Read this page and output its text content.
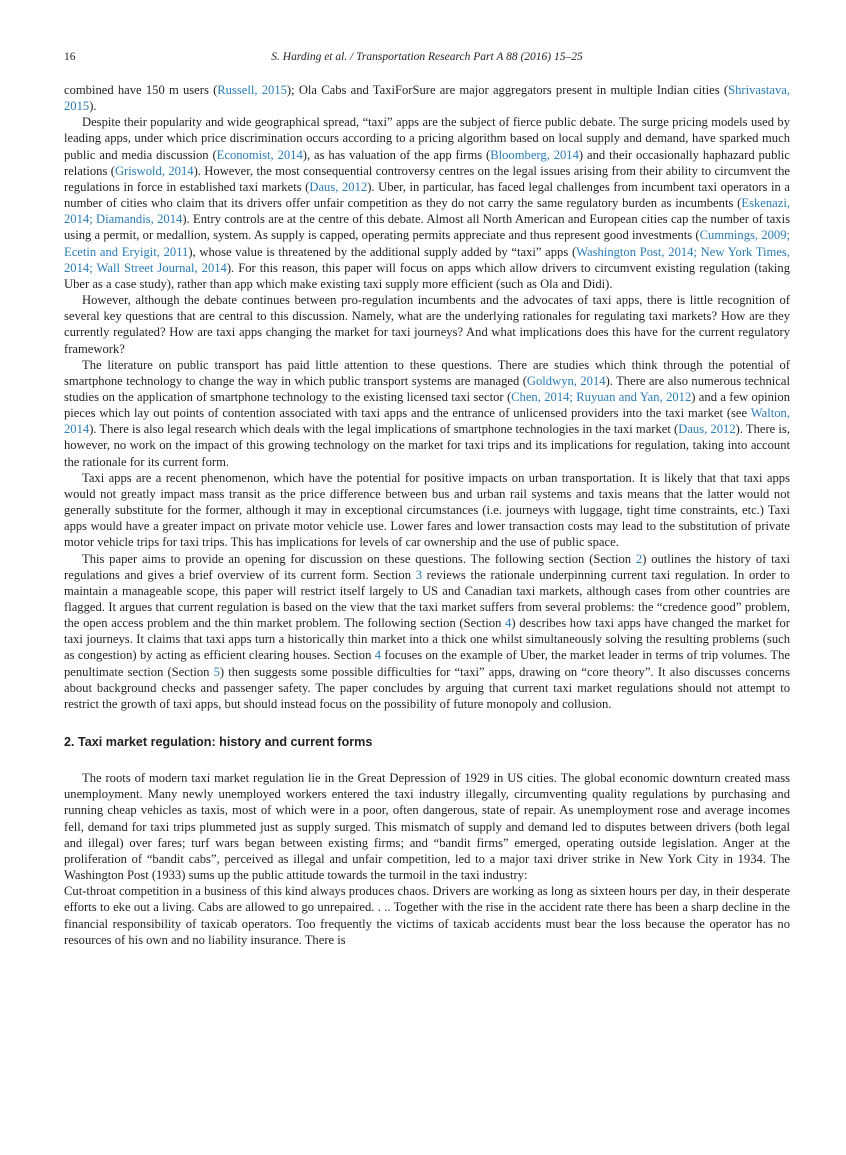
16	S. Harding et al. / Transportation Research Part A 88 (2016) 15–25

combined have 150 m users (Russell, 2015); Ola Cabs and TaxiForSure are major aggregators present in multiple Indian cities (Shrivastava, 2015).

Despite their popularity and wide geographical spread, “taxi” apps are the subject of fierce public debate. The surge pricing models used by leading apps, under which price discrimination occurs according to a pricing algorithm based on local supply and demand, have sparked much public and media discussion (Economist, 2014), as has valuation of the app firms (Bloomberg, 2014) and their occasionally haphazard public relations (Griswold, 2014). However, the most consequential controversy centres on the legal issues arising from their ability to circumvent the regulations in force in established taxi markets (Daus, 2012). Uber, in particular, has faced legal challenges from incumbent taxi operators in a number of cities who claim that its drivers offer unfair competition as they do not carry the same regulatory burden as incumbents (Eskenazi, 2014; Diamandis, 2014). Entry controls are at the centre of this debate. Almost all North American and European cities cap the number of taxis using a permit, or medallion, system. As supply is capped, operating permits appreciate and thus represent good investments (Cummings, 2009; Ecetin and Eryigit, 2011), whose value is threatened by the additional supply added by “taxi” apps (Washington Post, 2014; New York Times, 2014; Wall Street Journal, 2014). For this reason, this paper will focus on apps which allow drivers to circumvent existing regulation (taking Uber as a case study), rather than app which make existing taxi supply more efficient (such as Ola and Didi).

However, although the debate continues between pro-regulation incumbents and the advocates of taxi apps, there is little recognition of several key questions that are central to this discussion. Namely, what are the underlying rationales for regulating taxi markets? How are they currently regulated? How are taxi apps changing the market for taxi journeys? And what implications does this have for the current regulatory framework?

The literature on public transport has paid little attention to these questions. There are studies which think through the potential of smartphone technology to change the way in which public transport systems are managed (Goldwyn, 2014). There are also numerous technical studies on the application of smartphone technology to the existing licensed taxi sector (Chen, 2014; Ruyuan and Yan, 2012) and a few opinion pieces which lay out points of contention associated with taxi apps and the entrance of unlicensed providers into the taxi market (see Walton, 2014). There is also legal research which deals with the legal implications of smartphone technologies in the taxi market (Daus, 2012). There is, however, no work on the impact of this growing technology on the market for taxi trips and its implications for regulation, taking into account the rationale for its current form.

Taxi apps are a recent phenomenon, which have the potential for positive impacts on urban transportation. It is likely that that taxi apps would not greatly impact mass transit as the price difference between bus and urban rail systems and taxis means that the latter would not generally substitute for the former, although it may in exceptional circumstances (i.e. journeys with luggage, tight time constraints, etc.) Taxi apps would have a greater impact on private motor vehicle use. Lower fares and lower transaction costs may lead to the substitution of private motor vehicle trips for taxi trips. This has implications for levels of car ownership and the use of public space.

This paper aims to provide an opening for discussion on these questions. The following section (Section 2) outlines the history of taxi regulations and gives a brief overview of its current form. Section 3 reviews the rationale underpinning current taxi regulation. In order to maintain a manageable scope, this paper will restrict itself largely to US and Canadian taxi markets, although cases from other countries are flagged. It argues that current regulation is based on the view that the taxi market suffers from several problems: the “credence good” problem, the open access problem and the thin market problem. The following section (Section 4) describes how taxi apps have changed the market for taxi journeys. It claims that taxi apps turn a historically thin market into a thick one whilst simultaneously solving the resulting problems (such as congestion) by acting as efficient clearing houses. Section 4 focuses on the example of Uber, the market leader in terms of trip volumes. The penultimate section (Section 5) then suggests some possible difficulties for “taxi” apps, drawing on “core theory”. It also discusses concerns about background checks and passenger safety. The paper concludes by arguing that current taxi market regulations should not attempt to restrict the growth of taxi apps, but should instead focus on the possibility of future monopoly and collusion.

2. Taxi market regulation: history and current forms

The roots of modern taxi market regulation lie in the Great Depression of 1929 in US cities. The global economic downturn created mass unemployment. Many newly unemployed workers entered the taxi industry illegally, circumventing quality regulations by purchasing and running cheap vehicles as taxis, most of which were in a poor, often dangerous, state of repair. As unemployment rose and average incomes fell, demand for taxi trips plummeted just as supply surged. This mismatch of supply and demand led to disputes between drivers (both legal and illegal) over fares; turf wars began between existing firms; and “bandit firms” emerged, operating outside legislation. Anger at the proliferation of “bandit cabs”, perceived as illegal and unfair competition, led to a major taxi driver strike in New York City in 1934. The Washington Post (1933) sums up the public attitude towards the turmoil in the taxi industry:

Cut-throat competition in a business of this kind always produces chaos. Drivers are working as long as sixteen hours per day, in their desperate efforts to eke out a living. Cabs are allowed to go unrepaired. . .. Together with the rise in the accident rate there has been a sharp decline in the financial responsibility of taxicab operators. Too frequently the victims of taxicab accidents must bear the loss because the operator has no resources of his own and no liability insurance. There is
